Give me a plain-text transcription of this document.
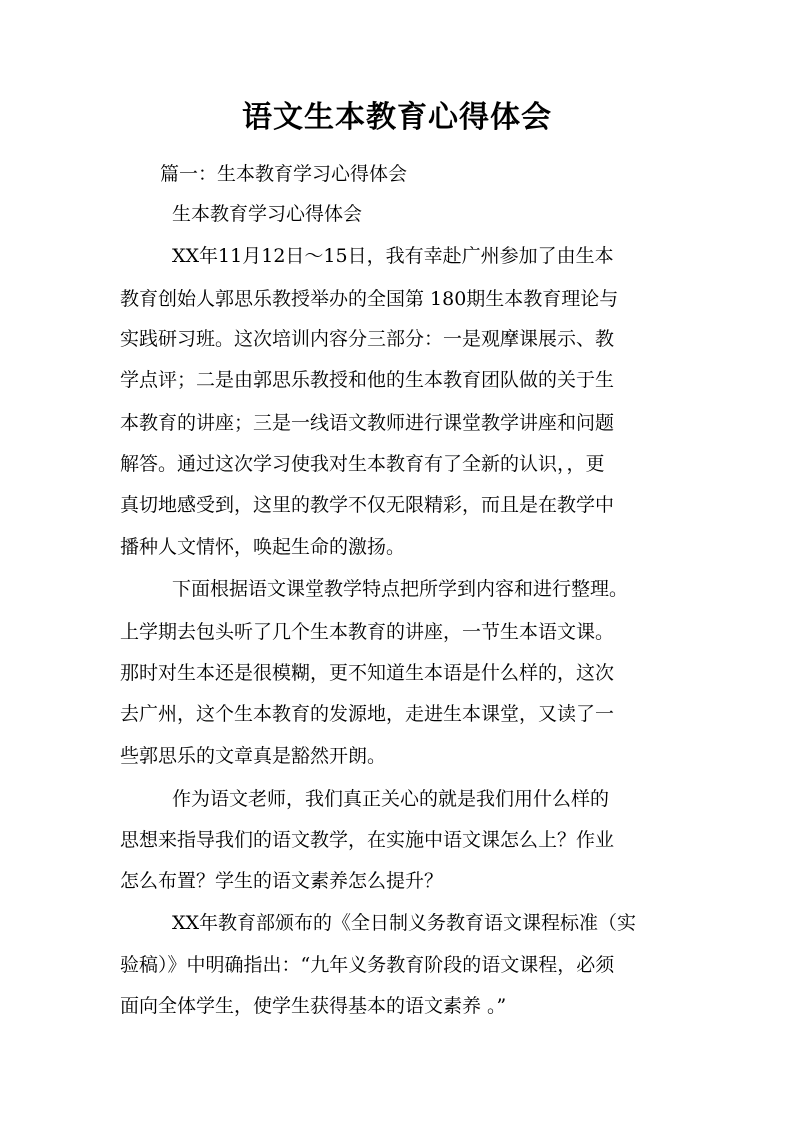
语文生本教育心得体会

篇一：生本教育学习心得体会

生本教育学习心得体会

XX年11月12日～15日，我有幸赴广州参加了由生本

教育创始人郭思乐教授举办的全国第 180期生本教育理论与

实践研习班。这次培训内容分三部分：一是观摩课展示、教

学点评；二是由郭思乐教授和他的生本教育团队做的关于生

本教育的讲座；三是一线语文教师进行课堂教学讲座和问题

解答。通过这次学习使我对生本教育有了全新的认识，，更

真切地感受到，这里的教学不仅无限精彩，而且是在教学中

播种人文情怀，唤起生命的激扬。

下面根据语文课堂教学特点把所学到内容和进行整理。

上学期去包头听了几个生本教育的讲座，一节生本语文课。

那时对生本还是很模糊，更不知道生本语是什么样的，这次

去广州，这个生本教育的发源地，走进生本课堂，又读了一

些郭思乐的文章真是豁然开朗。

作为语文老师，我们真正关心的就是我们用什么样的

思想来指导我们的语文教学，在实施中语文课怎么上？作业

怎么布置？学生的语文素养怎么提升？

XX年教育部颁布的《全日制义务教育语文课程标准（实

验稿）》中明确指出：“九年义务教育阶段的语文课程，必须

面向全体学生，使学生获得基本的语文素养 。”
